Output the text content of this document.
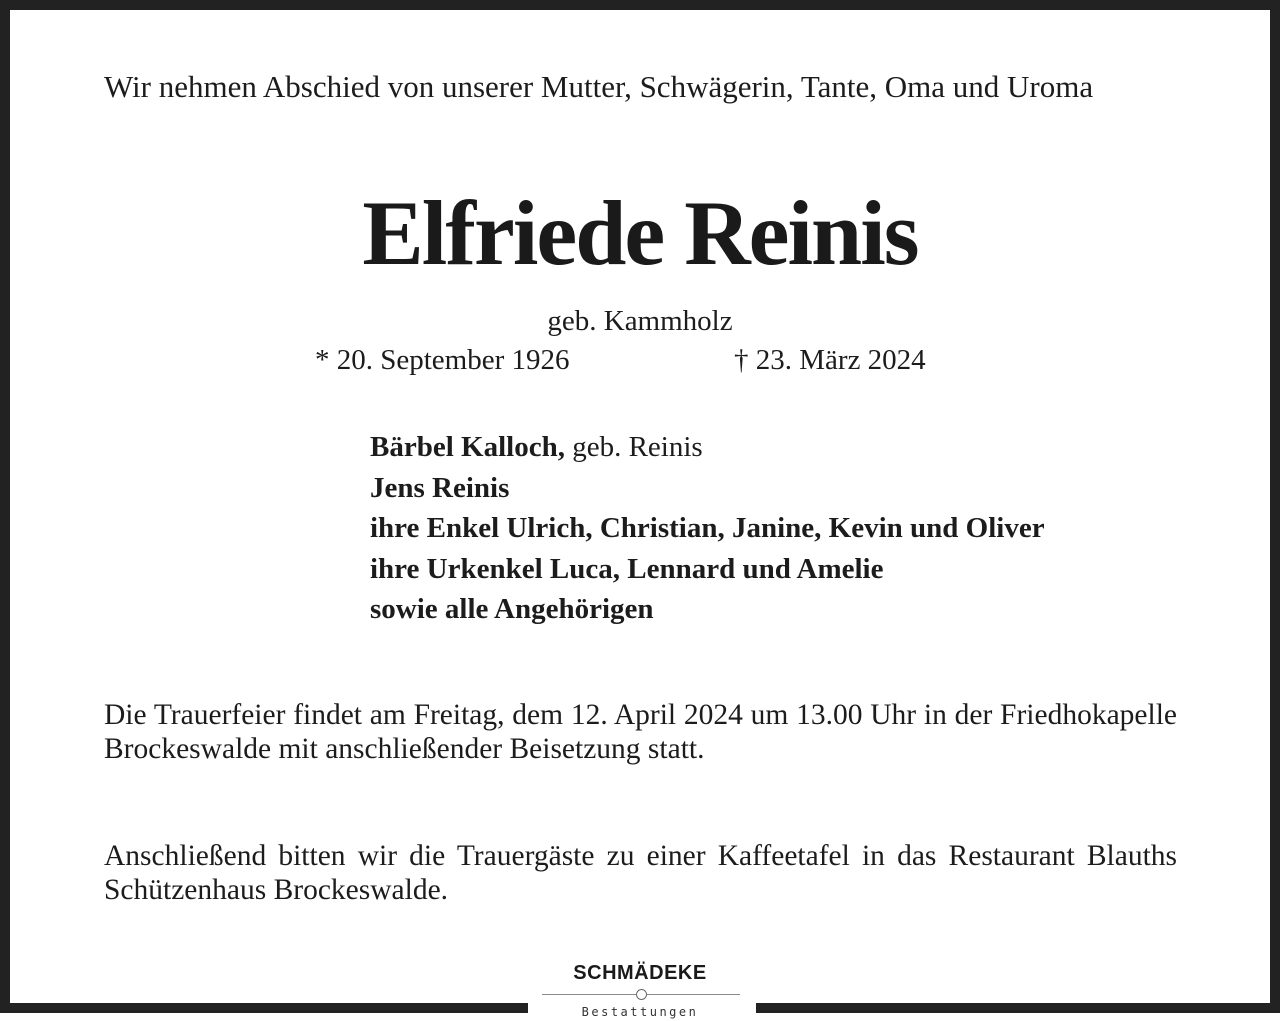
Wir nehmen Abschied von unserer Mutter, Schwägerin, Tante, Oma und Uroma

Elfriede Reinis

geb. Kammholz

* 20. September 1926	† 23. März 2024

Bärbel Kalloch, geb. Reinis
Jens Reinis
ihre Enkel Ulrich, Christian, Janine, Kevin und Oliver
ihre Urkenkel Luca, Lennard und Amelie
sowie alle Angehörigen

Die Trauerfeier findet am Freitag, dem 12. April 2024 um 13.00 Uhr in der Friedhokapelle Brockeswalde mit anschließender Beisetzung statt.

Anschließend bitten wir die Trauergäste zu einer Kaffeetafel in das Restaurant Blauths Schützenhaus Brockeswalde.

SCHMÄDEKE
Bestattungen
